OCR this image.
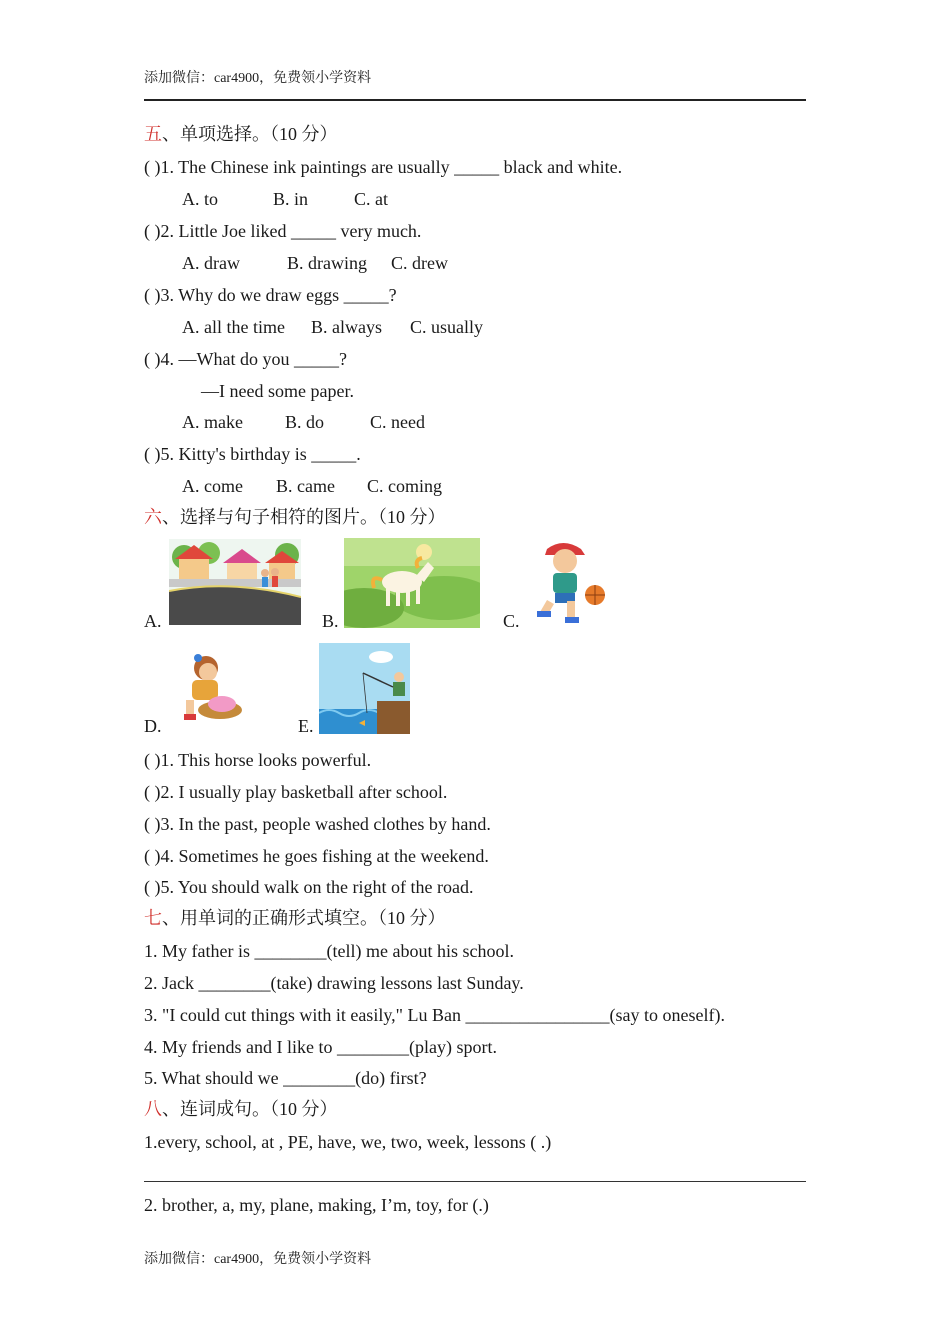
添加微信：car4900，免费领小学资料
五、单项选择。（10 分）
( )1. The Chinese ink paintings are usually _____ black and white.
A. to	B. in	C. at
( )2. Little Joe liked _____ very much.
A. draw	B. drawing C. drew
( )3. Why do we draw eggs _____?
A. all the time B. always C. usually
( )4. —What do you _____?
—I need some paper.
A. make B. do	C. need
( )5. Kitty's birthday is _____.
A. come B. came C. coming
六、选择与句子相符的图片。（10 分）
A.	B.	C.
D.	E.
( )1. This horse looks powerful.
( )2. I usually play basketball after school.
( )3. In the past, people washed clothes by hand.
( )4. Sometimes he goes fishing at the weekend.
( )5. You should walk on the right of the road.
七、用单词的正确形式填空。（10 分）
1. My father is ________(tell) me about his school.
2. Jack ________(take) drawing lessons last Sunday.
3. "I could cut things with it easily," Lu Ban ________________(say to oneself).
4. My friends and I like to ________(play) sport.
5. What should we ________(do) first?
八、连词成句。（10 分）
1.every, school, at , PE, have, we, two, week, lessons ( .)
2. brother, a, my, plane, making, I’m, toy, for (.)
添加微信：car4900，免费领小学资料
